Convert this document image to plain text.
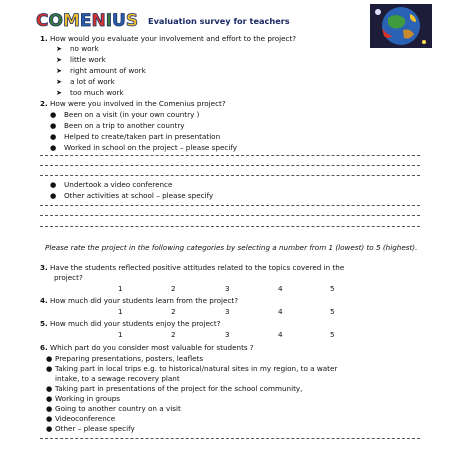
COMENIUS Evaluation survey for teachers
1. How would you evaluate your involvement and effort to the project?
➤ no work
➤ little work
➤ right amount of work
➤ a lot of work
➤ too much work
2. How were you involved in the Comenius project?
● Been on a visit (in your own country )
● Been on a trip to another country
● Helped to create/taken part in presentation
● Worked in school on the project – please specify
● Undertook a video conference
● Other activities at school – please specify
Please rate the project in the following categories by selecting a number from 1 (lowest) to 5 (highest).
3. Have the students reflected positive attitudes related to the topics covered in the
project?
1	2	3	4	5
4. How much did your students learn from the project?
1	2	3	4	5
5. How much did your students enjoy the project?
1	2	3	4	5
6. Which part do you consider most valuable for students ?
● Preparing presentations, posters, leaflets
● Taking part in local trips e.g. to historical/natural sites in my region, to a water
intake, to a sewage recovery plant
● Taking part in presentations of the project for the school community,
● Working in groups
● Going to another country on a visit
● Videoconference
● Other – please specify
